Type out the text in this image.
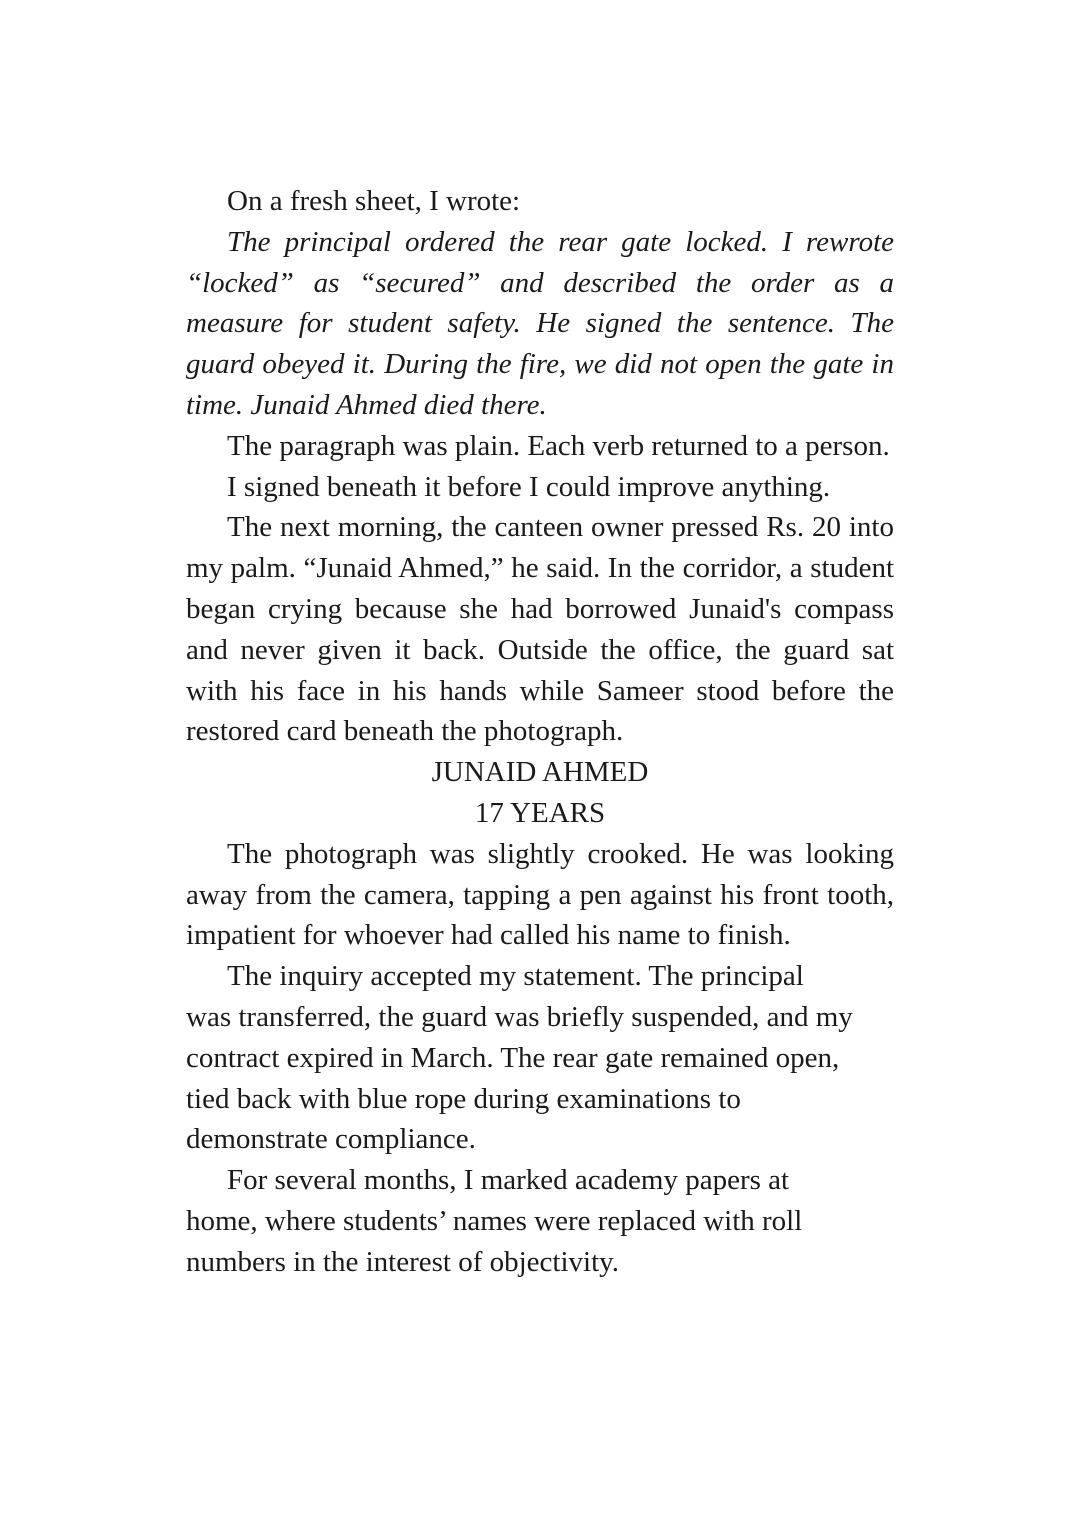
On a fresh sheet, I wrote:

The principal ordered the rear gate locked. I rewrote “locked” as “secured” and described the order as a measure for student safety. He signed the sentence. The guard obeyed it. During the fire, we did not open the gate in time. Junaid Ahmed died there.

The paragraph was plain. Each verb returned to a person.

I signed beneath it before I could improve anything.

The next morning, the canteen owner pressed Rs. 20 into my palm. “Junaid Ahmed,” he said. In the corridor, a student began crying because she had borrowed Junaid's compass and never given it back. Outside the office, the guard sat with his face in his hands while Sameer stood before the restored card beneath the photograph.

JUNAID AHMED

17 YEARS

The photograph was slightly crooked. He was looking away from the camera, tapping a pen against his front tooth, impatient for whoever had called his name to finish.

The inquiry accepted my statement. The principal was transferred, the guard was briefly suspended, and my contract expired in March. The rear gate remained open, tied back with blue rope during examinations to demonstrate compliance.

For several months, I marked academy papers at home, where students’ names were replaced with roll numbers in the interest of objectivity.
